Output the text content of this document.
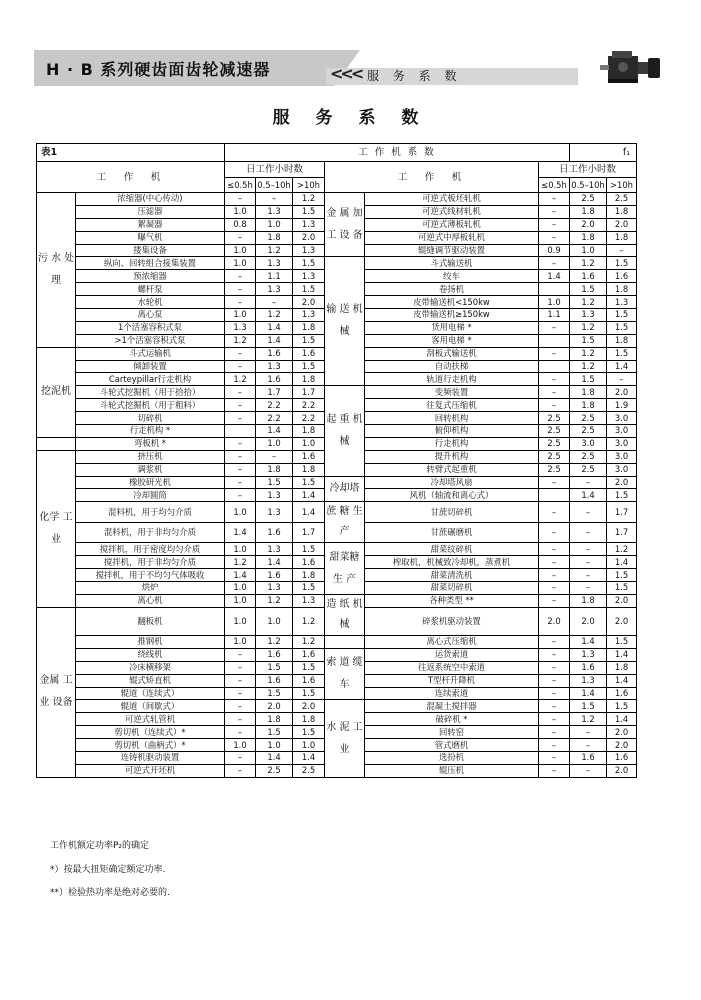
H · B 系列硬齿面齿轮减速器	<<< 服 务 系 数
服 务 系 数
表1		工 作 机 系 数						f₁	
工　作　机		日工作小时数			工　作　机		日工作小时数		
		≤0.5h	0.5–10h	>10h			≤0.5h	0.5–10h	>10h
污 水 处 理	浓缩器(中心传动)	–	–	1.2	金 属 加 工 设 备	可逆式板坯轧机	–	2.5	2.5
	压滤器	1.0	1.3	1.5		可逆式线材轧机	–	1.8	1.8
	絮凝器	0.8	1.0	1.3		可逆式薄板轧机	–	2.0	2.0
	曝气机	–	1.8	2.0		可逆式中厚板轧机	–	1.8	1.8
	搂集设备	1.0	1.2	1.3		辊缝调节驱动装置	0.9	1.0	–
	纵向、回转组合接集装置	1.0	1.3	1.5	输 送 机 械	斗式输送机	–	1.2	1.5
	预浓缩器	–	1.1	1.3		绞车	1.4	1.6	1.6
	螺杆泵	–	1.3	1.5		卷扬机		1.5	1.8
	水轮机	–	–	2.0		皮带输送机<150kw	1.0	1.2	1.3
	离心泵	1.0	1.2	1.3		皮带输送机≥150kw	1.1	1.3	1.5
	1个活塞容积式泵	1.3	1.4	1.8		货用电梯 *	–	1.2	1.5
	>1个活塞容积式泵	1.2	1.4	1.5		客用电梯 *		1.5	1.8
挖泥机	斗式运输机	–	1.6	1.6		刮板式输送机	–	1.2	1.5
	倾卸装置	–	1.3	1.5		自动扶梯		1.2	1.4
	Carteypillar行走机构	1.2	1.6	1.8		轨道行走机构	–	1.5	–
	斗轮式挖掘机（用于拾拾）	–	1.7	1.7	起 重 机 械	变频装置	–	1.8	2.0
	斗轮式挖掘机（用于粗料）	–	2.2	2.2		往复式压缩机	–	1.8	1.9
	切碎机	–	2.2	2.2		回转机构	2.5	2.5	3.0
	行走机构 *		1.4	1.8		俯仰机构	2.5	2.5	3.0
	弯板机 *	–	1.0	1.0		行走机构	2.5	3.0	3.0
化学 工业	挤压机	–	–	1.6		提升机构	2.5	2.5	3.0
	调浆机	–	1.8	1.8		转臂式起重机	2.5	2.5	3.0
	橡胶研光机	–	1.5	1.5	冷却塔	冷却塔风扇	–	–	2.0
	冷却圆筒	–	1.3	1.4		风机（轴流和离心式）		1.4	1.5
	混料机，用于均匀介质	1.0	1.3	1.4	蔗 糖 生 产	甘蔗切碎机	–	–	1.7
	混料机，用于非均匀介质	1.4	1.6	1.7		甘蔗碾磨机	–	–	1.7
	搅拌机，用于密度均匀介质	1.0	1.3	1.5	甜菜糖 生 产	甜菜纹碎机	–	–	1.2
	搅拌机，用于非均匀介质	1.2	1.4	1.6		榨取机，机械致冷却机，蒸煮机	–	–	1.4
	搅拌机，用于不均匀气体吸收	1.4	1.6	1.8		甜菜清洗机	–	–	1.5
	烘炉	1.0	1.3	1.5		甜菜切碎机	–	–	1.5
	离心机	1.0	1.2	1.3	造 纸 机 械	各种类型 **	–	1.8	2.0
金属 工业 设备	翻板机	1.0	1.0	1.2		碎浆机驱动装置	2.0	2.0	2.0
	推钢机	1.0	1.2	1.2		离心式压缩机	–	1.4	1.5
	绕线机	–	1.6	1.6	索 道 缆 车	运货索道	–	1.3	1.4
	冷床横移架	–	1.5	1.5		往返系统空中索道	–	1.6	1.8
	辊式矫直机	–	1.6	1.6		T型杆升降机	–	1.3	1.4
	辊道（连续式）	–	1.5	1.5		连续索道	–	1.4	1.6
	辊道（间歇式）	–	2.0	2.0	水 泥 工 业	混凝土搅拌器	–	1.5	1.5
	可逆式轧管机	–	1.8	1.8		破碎机 *	–	1.2	1.4
	剪切机（连续式）*	–	1.5	1.5		回转窑	–	–	2.0
	剪切机（曲柄式）*	1.0	1.0	1.0		管式磨机	–	–	2.0
	连铸机驱动装置	–	1.4	1.4		选扮机	–	1.6	1.6
	可逆式开坯机	–	2.5	2.5		辊压机	–	–	2.0
工作机额定功率P₂的确定
*）按最大扭矩确定额定功率.
**）检验热功率是绝对必要的.
